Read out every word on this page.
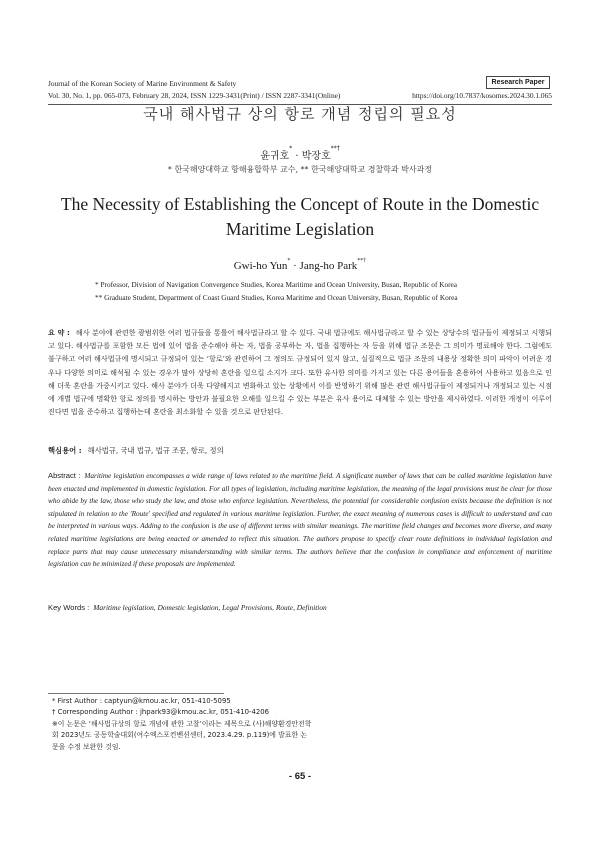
Journal of the Korean Society of Marine Environment & Safety
Vol. 30, No. 1, pp. 065-073, February 28, 2024, ISSN 1229-3431(Print) / ISSN 2287-3341(Online)	https://doi.org/10.7837/kosomes.2024.30.1.065
Research Paper
국내 해사법규 상의 항로 개념 정립의 필요성
윤귀호* · 박장호**†
* 한국해양대학교 항해융합학부 교수, ** 한국해양대학교 경찰학과 박사과정
The Necessity of Establishing the Concept of Route in the Domestic Maritime Legislation
Gwi-ho Yun* · Jang-ho Park**†
* Professor, Division of Navigation Convergence Studies, Korea Maritime and Ocean University, Busan, Republic of Korea
** Graduate Student, Department of Coast Guard Studies, Korea Maritime and Ocean University, Busan, Republic of Korea
요 약 : 해사 분야에 관련한 광범위한 여러 법규들을 통틀어 해사법규라고 할 수 있다. 국내 법규에도 해사법규라고 할 수 있는 상당수의 법규들이 제정되고 시행되고 있다. 해사법규를 포함한 모든 법에 있어 법을 준수해야 하는 자, 법을 공부하는 자, 법을 집행하는 자 등을 위해 법규 조문은 그 의미가 명료해야 한다. 그럼에도 불구하고 여러 해사법규에 명시되고 규정되어 있는 ‘항로’와 관련하여 그 정의도 규정되어 있지 않고, 실질적으로 법규 조문의 내용상 정확한 의미 파악이 어려운 경우나 다양한 의미로 해석될 수 있는 경우가 많아 상당히 혼란을 일으킬 소지가 크다. 또한 유사한 의미를 가지고 있는 다른 용어들을 혼용하여 사용하고 있음으로 인해 더욱 혼란을 가중시키고 있다. 해사 분야가 더욱 다양해지고 변화하고 있는 상황에서 이를 반영하기 위해 많은 관련 해사법규들이 제정되거나 개정되고 있는 시점에 개별 법규에 명확한 항로 정의를 명시하는 방안과 불필요한 오해를 일으킬 수 있는 부분은 유사 용어로 대체할 수 있는 방안을 제시하였다. 이러한 개정이 이루어진다면 법을 준수하고 집행하는데 혼란을 최소화할 수 있을 것으로 판단된다.
핵심용어 : 해사법규, 국내 법규, 법규 조문, 항로, 정의
Abstract : Maritime legislation encompasses a wide range of laws related to the maritime field. A significant number of laws that can be called maritime legislation have been enacted and implemented in domestic legislation. For all types of legislation, including maritime legislation, the meaning of the legal provisions must be clear for those who abide by the law, those who study the law, and those who enforce legislation. Nevertheless, the potential for considerable confusion exists because the definition is not stipulated in relation to the 'Route' specified and regulated in various maritime legislation. Further, the exact meaning of numerous cases is difficult to understand and can be interpreted in various ways. Adding to the confusion is the use of different terms with similar meanings. The maritime field changes and becomes more diverse, and many related maritime legislations are being enacted or amended to reflect this situation. The authors propose to specify clear route definitions in individual legislation and replace parts that may cause unnecessary misunderstanding with similar terms. The authors believe that the confusion in compliance and enforcement of maritime legislation can be minimized if these proposals are implemented.
Key Words : Maritime legislation, Domestic legislation, Legal Provisions, Route, Definition
* First Author : captyun@kmou.ac.kr, 051-410-5095
† Corresponding Author : jhpark93@kmou.ac.kr, 051-410-4206
※이 논문은 ‘해사법규상의 항로 개념에 관한 고찰’이라는 제목으로 (사)해양환경안전학회 2023년도 공동학술대회(여수엑스포컨벤션센터, 2023.4.29. p.119)에 발표한 논문을 수정 보완한 것임.
- 65 -
